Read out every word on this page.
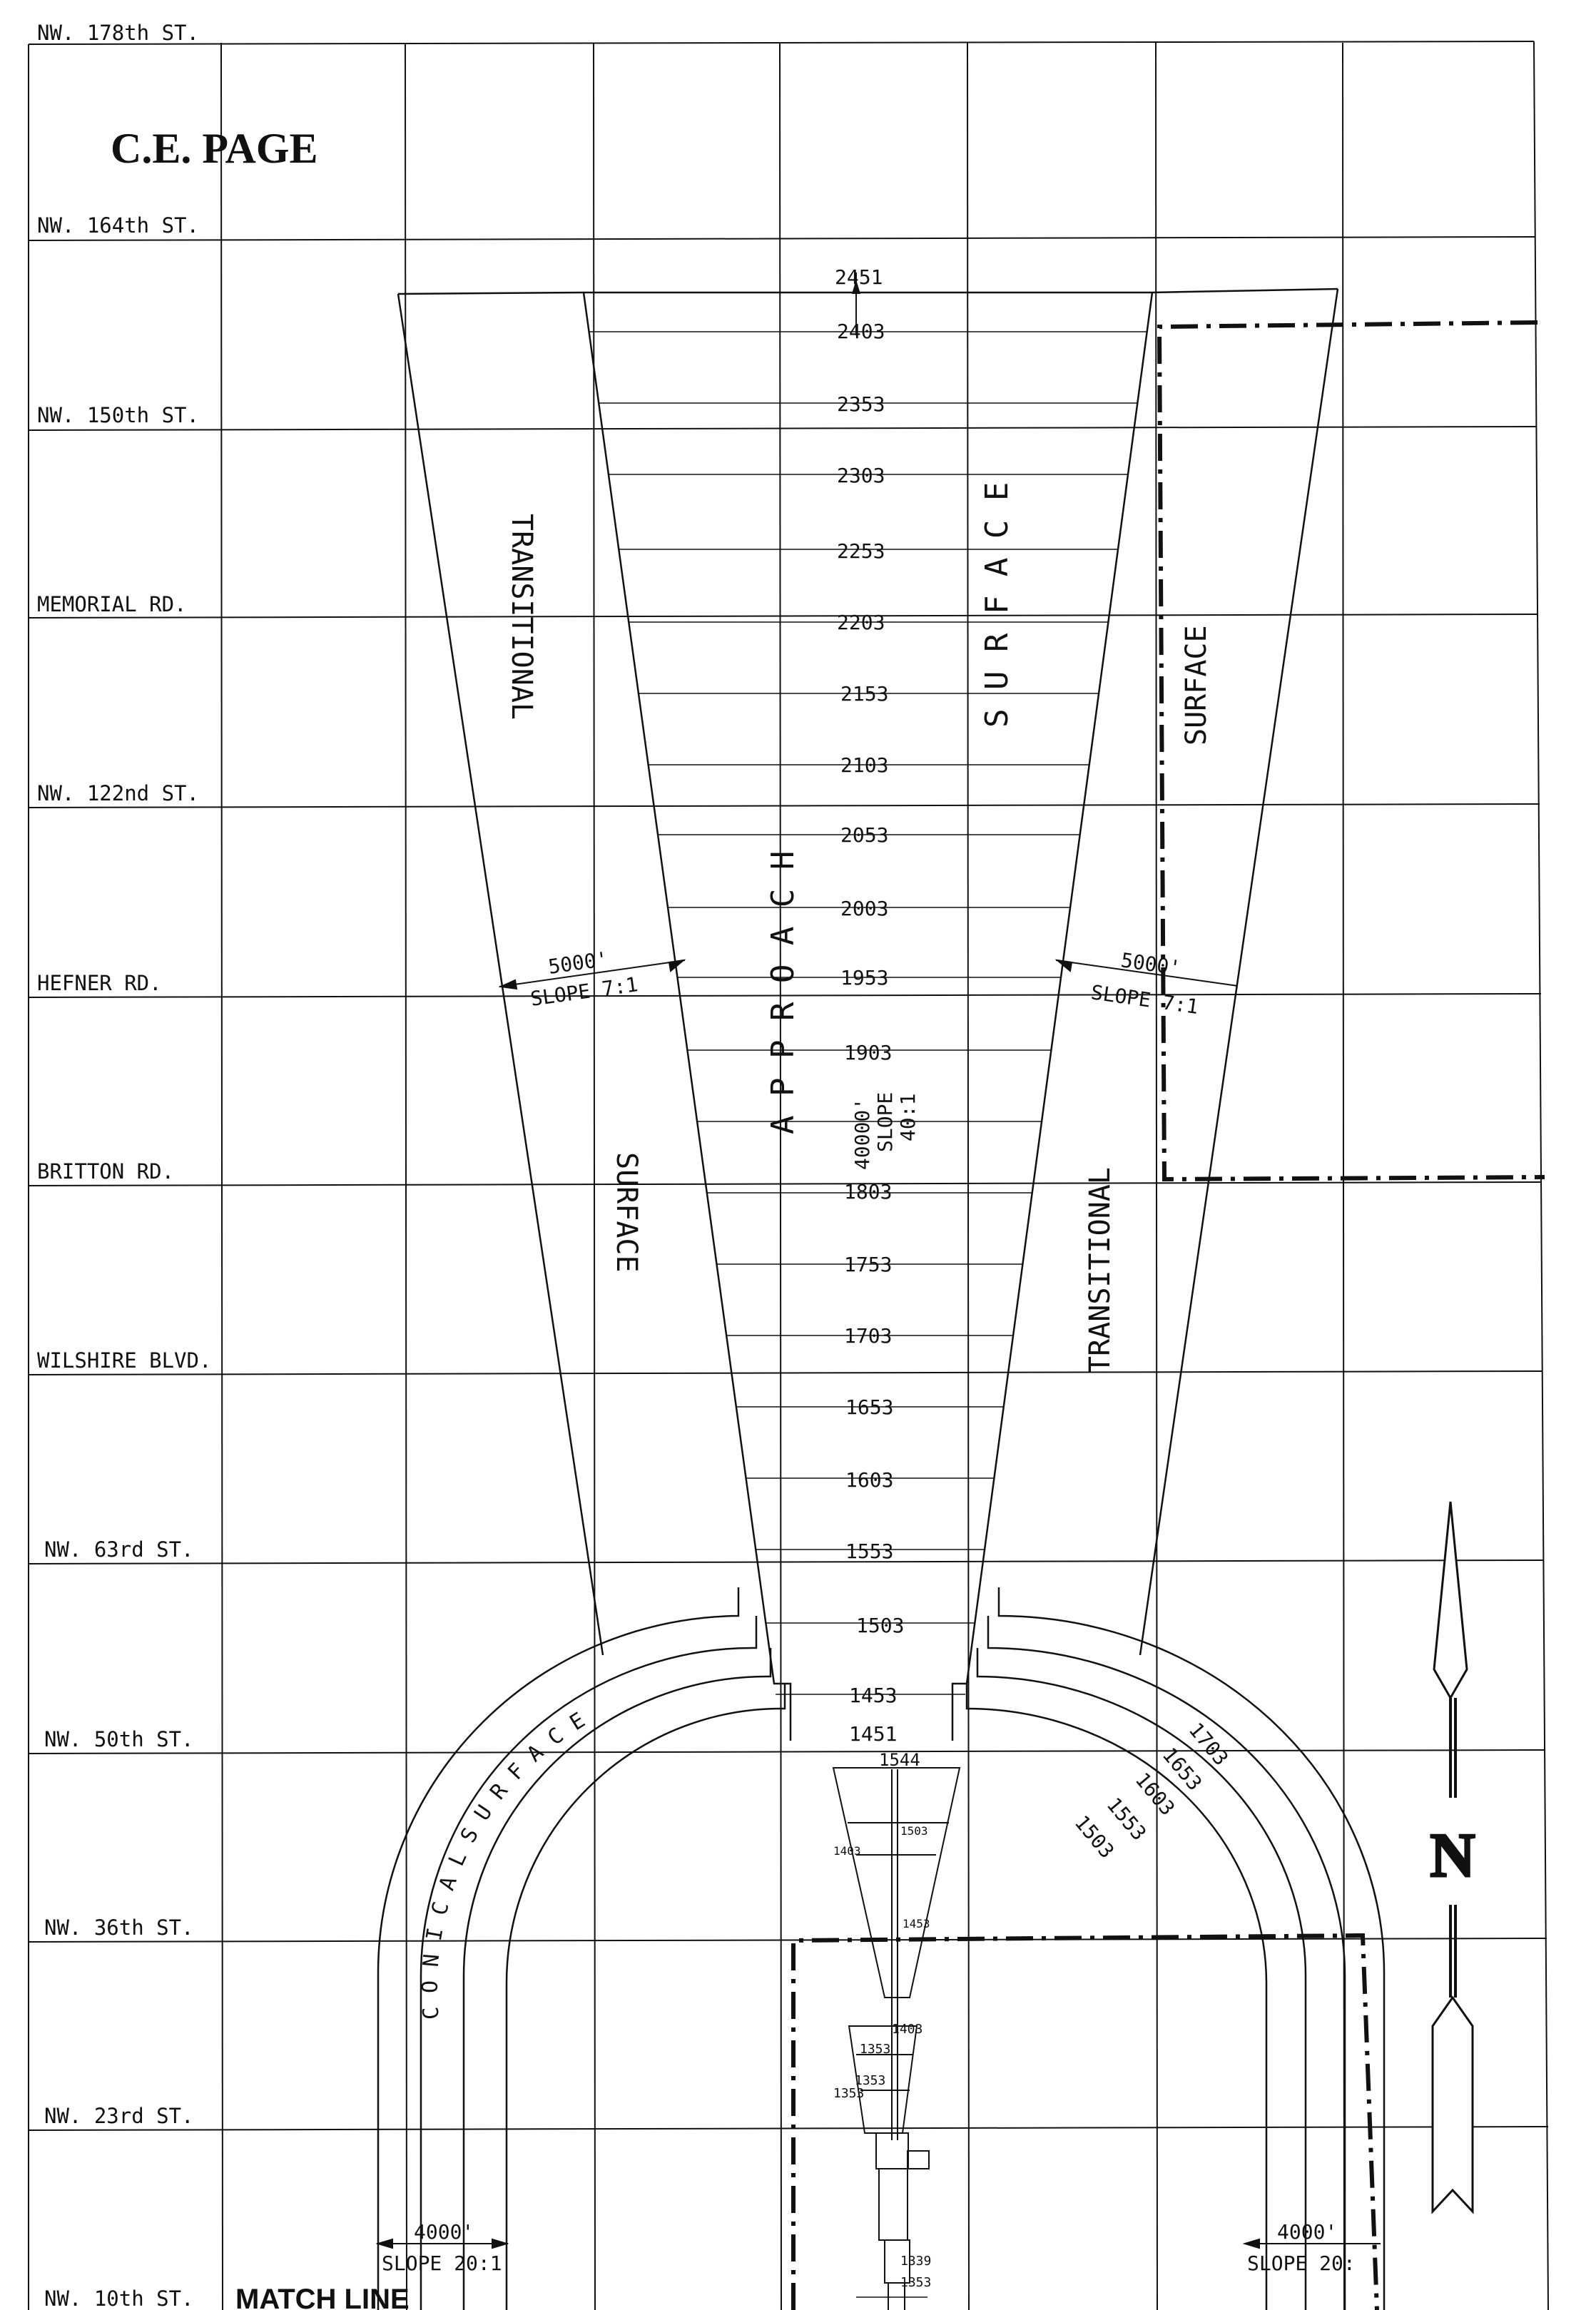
NW. 178th ST.
NW. 164th ST.
NW. 150th ST.
MEMORIAL RD.
NW. 122nd ST.
HEFNER RD.
BRITTON RD.
WILSHIRE BLVD.
NW. 63rd ST.
NW. 50th ST.
NW. 36th ST.
NW. 23rd ST.
NW. 10th ST.
C.E. PAGE
MATCH LINE
A P P R O A C H
S U R F A C E
TRANSITIONAL
SURFACE	TRANSITIONAL
SURFACE
C O N I C A L S U R F A C E
40000' SLOPE 40:1
5000'
SLOPE 7:1
5000'
SLOPE 7:1
4000'
SLOPE 20:1
4000'
SLOPE 20:
2451
2403
2353
2303
2253
2203
2153
2103
2053
2003
1953
1903
1803
1753
1703
1653
1603
1553
1503
1453
1451	1703
1653
1603
1553
1503
1544
1403
1503
1453
1403
1353
1353
1353
1339
1353
N
